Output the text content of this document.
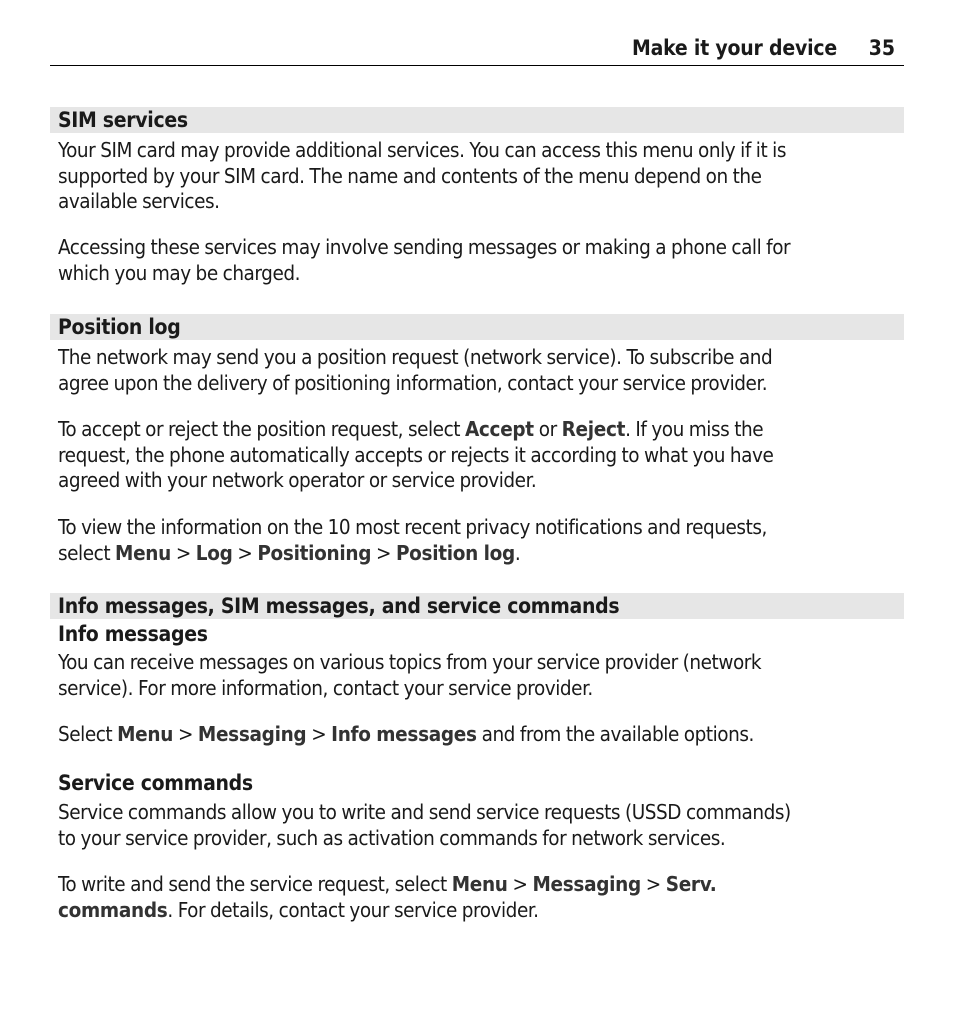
Make it your device 35
SIM services
Your SIM card may provide additional services. You can access this menu only if it is
supported by your SIM card. The name and contents of the menu depend on the
available services.
Accessing these services may involve sending messages or making a phone call for
which you may be charged.
Position log
The network may send you a position request (network service). To subscribe and
agree upon the delivery of positioning information, contact your service provider.
To accept or reject the position request, select Accept or Reject. If you miss the
request, the phone automatically accepts or rejects it according to what you have
agreed with your network operator or service provider.
To view the information on the 10 most recent privacy notifications and requests,
select Menu > Log > Positioning > Position log.
Info messages, SIM messages, and service commands
Info messages
You can receive messages on various topics from your service provider (network
service). For more information, contact your service provider.
Select Menu > Messaging > Info messages and from the available options.
Service commands
Service commands allow you to write and send service requests (USSD commands)
to your service provider, such as activation commands for network services.
To write and send the service request, select Menu > Messaging > Serv.
commands. For details, contact your service provider.
